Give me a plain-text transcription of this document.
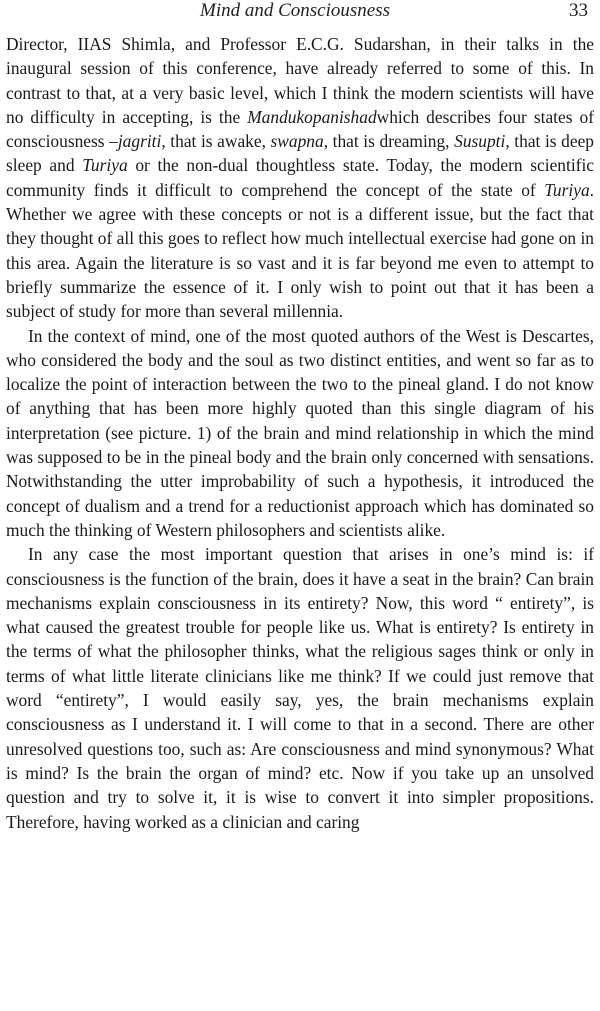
Mind and Consciousness	33

Director, IIAS Shimla, and Professor E.C.G. Sudarshan, in their talks in the inaugural session of this conference, have already referred to some of this. In contrast to that, at a very basic level, which I think the modern scientists will have no difficulty in accepting, is the Mandukopanishadwhich describes four states of consciousness –jagriti, that is awake, swapna, that is dreaming, Susupti, that is deep sleep and Turiya or the non-dual thoughtless state. Today, the modern scientific community finds it difficult to comprehend the concept of the state of Turiya. Whether we agree with these concepts or not is a different issue, but the fact that they thought of all this goes to reflect how much intellectual exercise had gone on in this area. Again the literature is so vast and it is far beyond me even to attempt to briefly summarize the essence of it. I only wish to point out that it has been a subject of study for more than several millennia.

In the context of mind, one of the most quoted authors of the West is Descartes, who considered the body and the soul as two distinct entities, and went so far as to localize the point of interaction between the two to the pineal gland. I do not know of anything that has been more highly quoted than this single diagram of his interpretation (see picture. 1) of the brain and mind relationship in which the mind was supposed to be in the pineal body and the brain only concerned with sensations. Notwithstanding the utter improbability of such a hypothesis, it introduced the concept of dualism and a trend for a reductionist approach which has dominated so much the thinking of Western philosophers and scientists alike.

In any case the most important question that arises in one’s mind is: if consciousness is the function of the brain, does it have a seat in the brain? Can brain mechanisms explain consciousness in its entirety? Now, this word “ entirety”, is what caused the greatest trouble for people like us. What is entirety? Is entirety in the terms of what the philosopher thinks, what the religious sages think or only in terms of what little literate clinicians like me think? If we could just remove that word “entirety”, I would easily say, yes, the brain mechanisms explain consciousness as I understand it. I will come to that in a second. There are other unresolved questions too, such as: Are consciousness and mind synonymous? What is mind? Is the brain the organ of mind? etc. Now if you take up an unsolved question and try to solve it, it is wise to convert it into simpler propositions. Therefore, having worked as a clinician and caring
